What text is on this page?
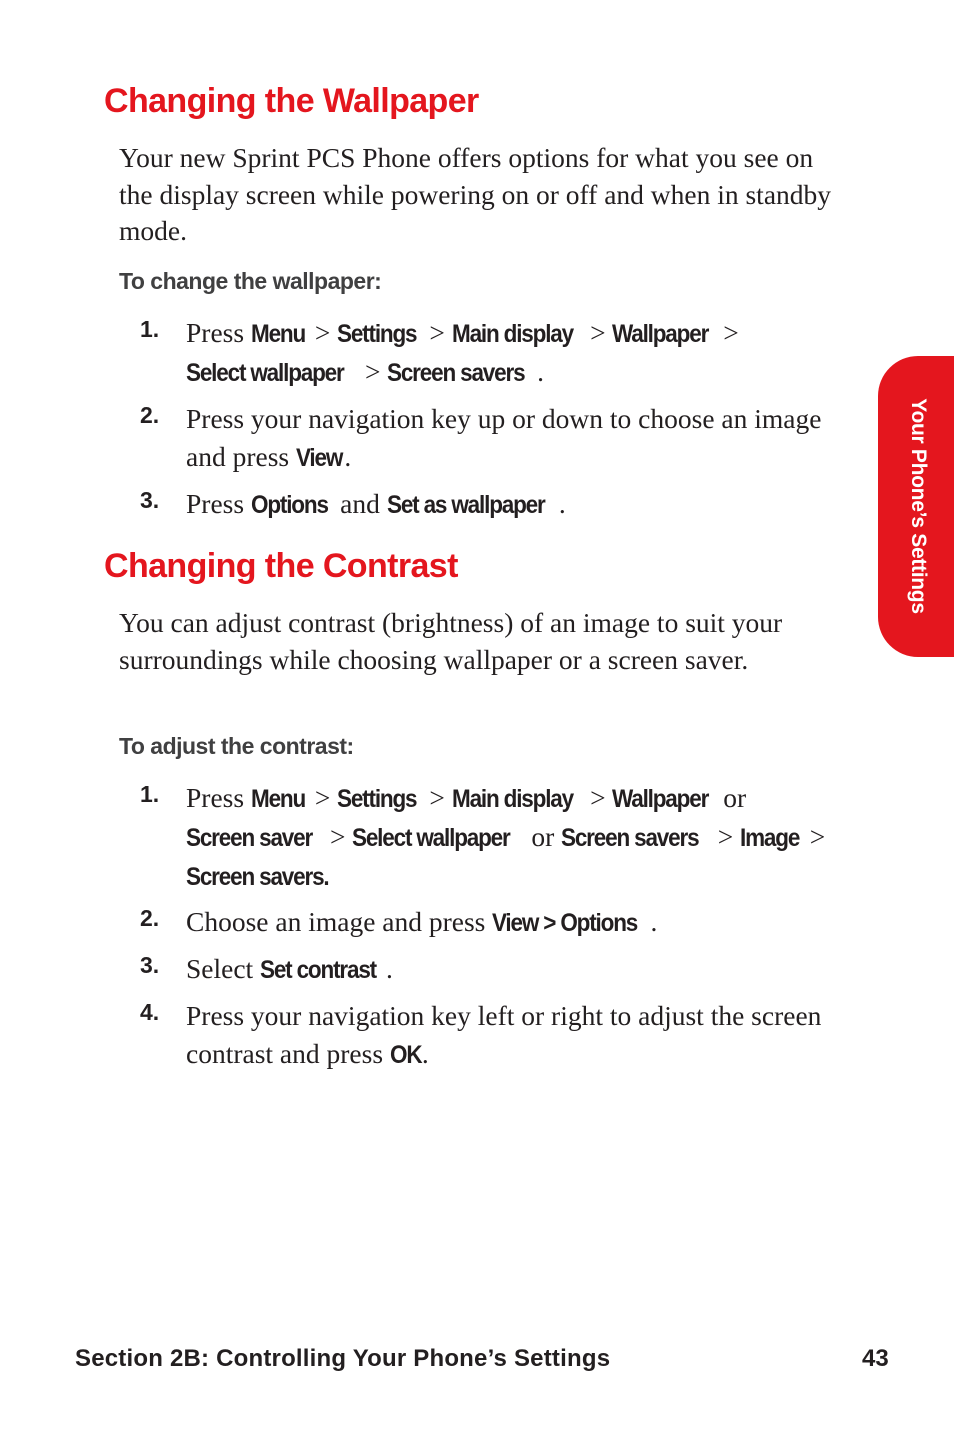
Changing the Wallpaper

Your new Sprint PCS Phone offers options for what you see on the display screen while powering on or off and when in standby mode.

To change the wallpaper:

1. Press Menu > Settings > Main display > Wallpaper > Select wallpaper > Screen savers .
2. Press your navigation key up or down to choose an image and press View.
3. Press Options and Set as wallpaper .
Changing the Contrast

You can adjust contrast (brightness) of an image to suit your surroundings while choosing wallpaper or a screen saver.

To adjust the contrast:

1. Press Menu > Settings > Main display > Wallpaper or Screen saver > Select wallpaper or Screen savers > Image > Screen savers.
2. Choose an image and press View > Options .
3. Select Set contrast .
4. Press your navigation key left or right to adjust the screen contrast and press OK.
Your Phone’s Settings
Section 2B: Controlling Your Phone’s Settings	43
